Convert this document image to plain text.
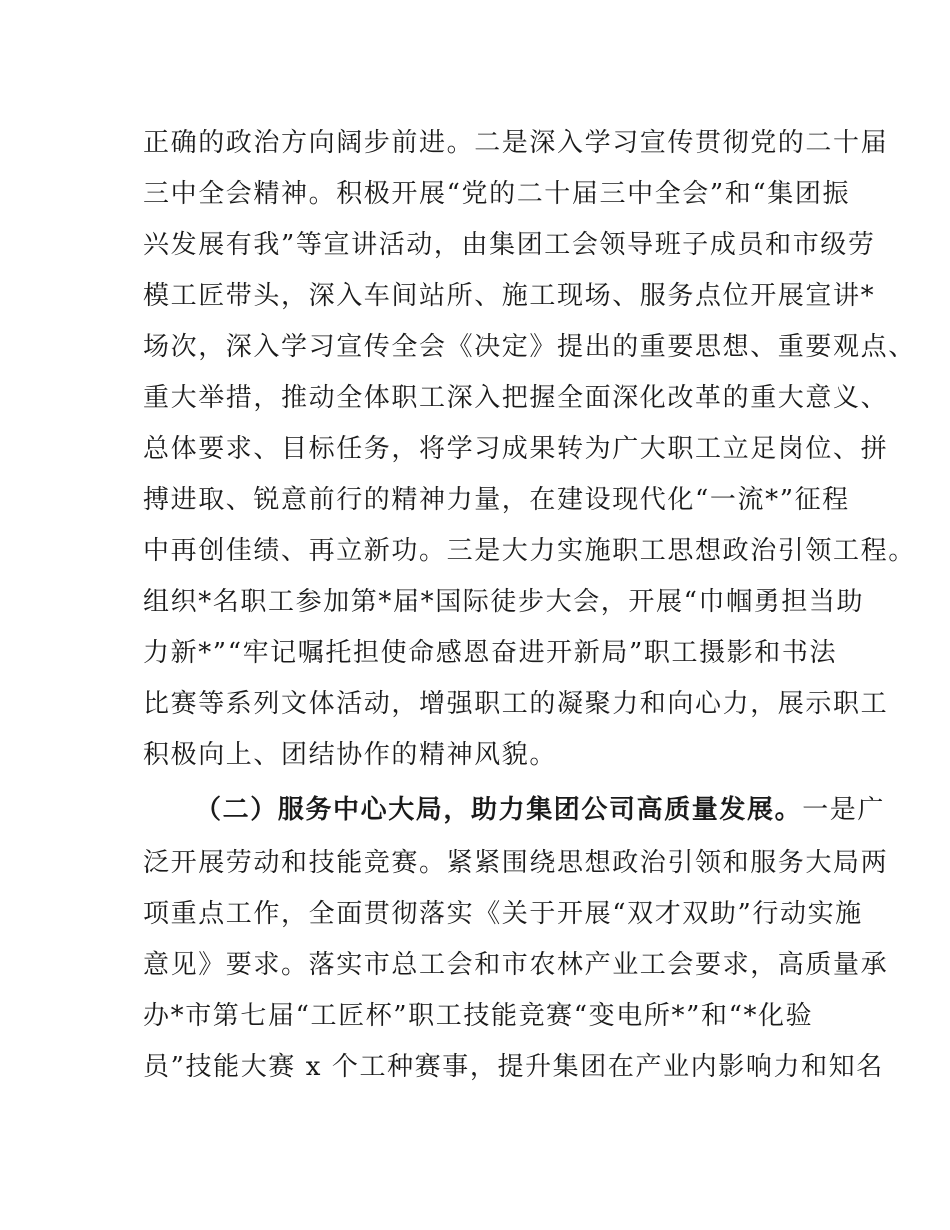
正确的政治方向阔步前进。二是深入学习宣传贯彻党的二十届
三中全会精神。积极开展“党的二十届三中全会”和“集团振
兴发展有我”等宣讲活动，由集团工会领导班子成员和市级劳
模工匠带头，深入车间站所、施工现场、服务点位开展宣讲*
场次，深入学习宣传全会《决定》提出的重要思想、重要观点、
重大举措，推动全体职工深入把握全面深化改革的重大意义、
总体要求、目标任务，将学习成果转为广大职工立足岗位、拼
搏进取、锐意前行的精神力量，在建设现代化“一流*”征程
中再创佳绩、再立新功。三是大力实施职工思想政治引领工程。
组织*名职工参加第*届*国际徒步大会，开展“巾帼勇担当助
力新*”“牢记嘱托担使命感恩奋进开新局”职工摄影和书法
比赛等系列文体活动，增强职工的凝聚力和向心力，展示职工
积极向上、团结协作的精神风貌。
（二）服务中心大局，助力集团公司高质量发展。一是广
泛开展劳动和技能竞赛。紧紧围绕思想政治引领和服务大局两
项重点工作，全面贯彻落实《关于开展“双才双助”行动实施
意见》要求。落实市总工会和市农林产业工会要求，高质量承
办*市第七届“工匠杯”职工技能竞赛“变电所*”和“*化验
员”技能大赛 x 个工种赛事，提升集团在产业内影响力和知名
